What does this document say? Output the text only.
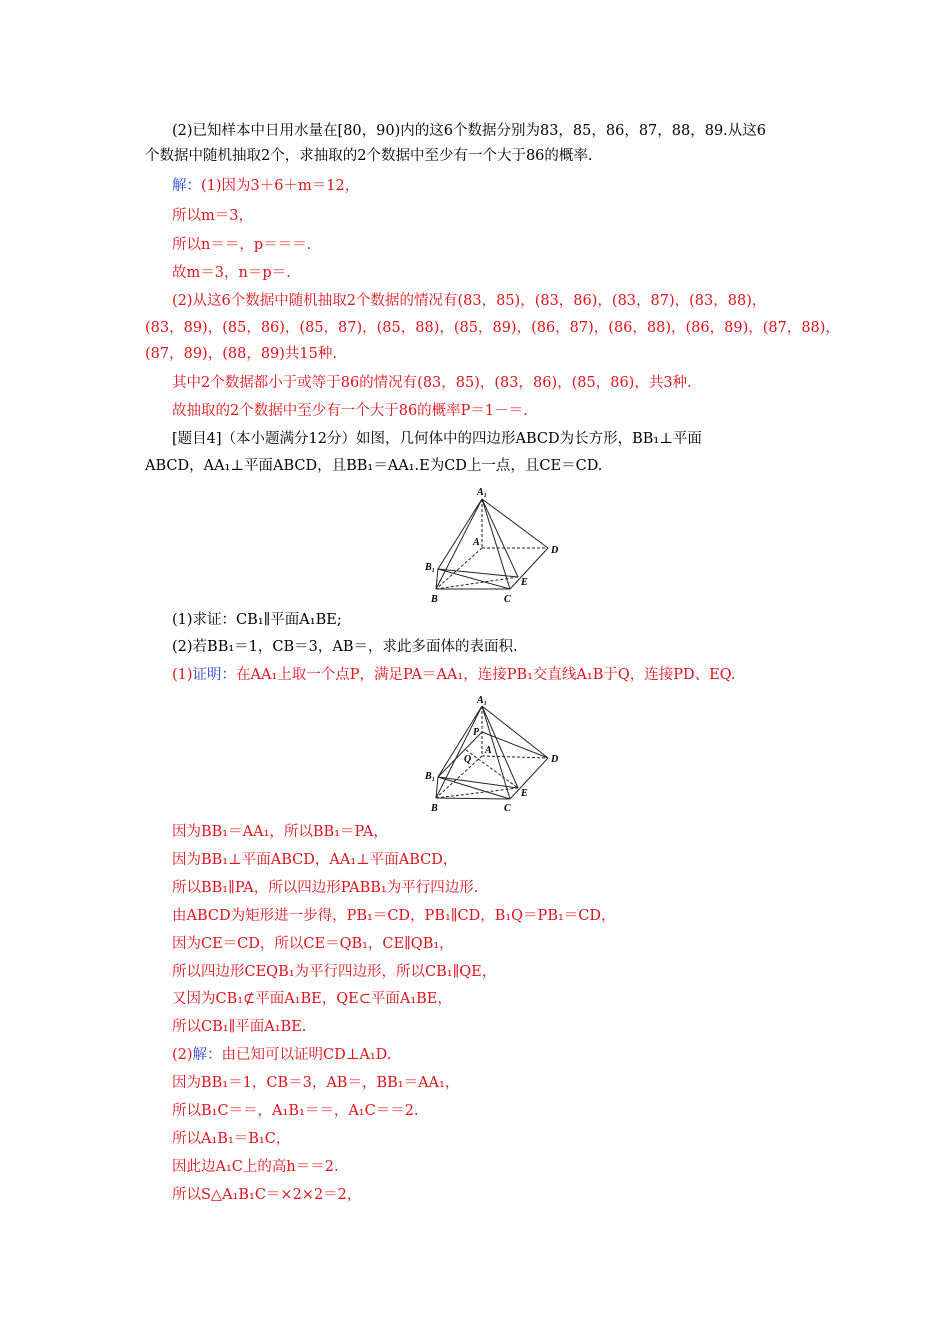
(2)已知样本中日用水量在[80，90)内的这6个数据分别为83，85，86，87，88，89.从这6
个数据中随机抽取2个，求抽取的2个数据中至少有一个大于86的概率.
解：(1)因为3＋6＋m＝12，
所以m＝3，
所以n＝＝，p＝＝＝.
故m＝3，n＝p＝.
(2)从这6个数据中随机抽取2个数据的情况有(83，85)，(83，86)，(83，87)，(83，88)，
(83，89)，(85，86)，(85，87)，(85，88)，(85，89)，(86，87)，(86，88)，(86，89)，(87，88)，
(87，89)，(88，89)共15种.
其中2个数据都小于或等于86的情况有(83，85)，(83，86)，(85，86)，共3种.
故抽取的2个数据中至少有一个大于86的概率P＝1－＝.
[题目4]（本小题满分12分）如图，几何体中的四边形ABCD为长方形，BB₁⊥平面
ABCD，AA₁⊥平面ABCD，且BB₁＝AA₁.E为CD上一点，且CE＝CD.
A₁
A
D
B₁
E
B	C
(1)求证：CB₁∥平面A₁BE;
(2)若BB₁＝1，CB＝3，AB＝，求此多面体的表面积.
(1)证明：在AA₁上取一个点P，满足PA＝AA₁，连接PB₁交直线A₁B于Q，连接PD、EQ.
A₁
P
A
Q	D
B₁
E
B	C
因为BB₁＝AA₁，所以BB₁＝PA，
因为BB₁⊥平面ABCD，AA₁⊥平面ABCD，
所以BB₁∥PA，所以四边形PABB₁为平行四边形.
由ABCD为矩形进一步得，PB₁＝CD，PB₁∥CD，B₁Q＝PB₁＝CD，
因为CE＝CD，所以CE＝QB₁，CE∥QB₁，
所以四边形CEQB₁为平行四边形，所以CB₁∥QE，
又因为CB₁⊄平面A₁BE，QE⊂平面A₁BE，
所以CB₁∥平面A₁BE.
(2)解：由已知可以证明CD⊥A₁D.
因为BB₁＝1，CB＝3，AB＝，BB₁＝AA₁，
所以B₁C＝＝，A₁B₁＝＝，A₁C＝＝2.
所以A₁B₁＝B₁C，
因此边A₁C上的高h＝＝2.
所以S△A₁B₁C＝×2×2＝2，
